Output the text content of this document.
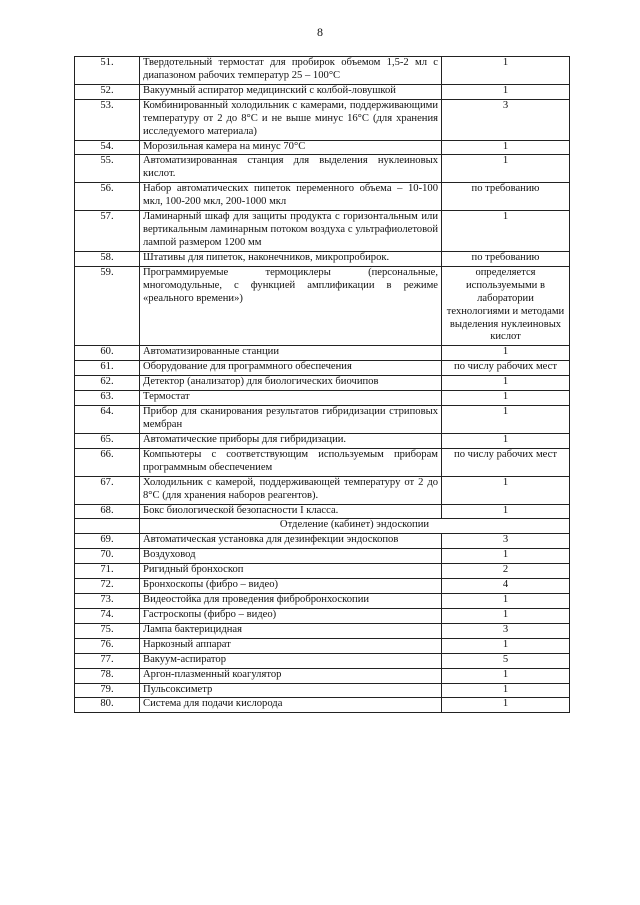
8
51.	Твердотельный термостат для пробирок объемом 1,5-2 мл с диапазоном рабочих температур 25 – 100°С	1
52.	Вакуумный аспиратор медицинский с колбой-ловушкой	1
53.	Комбинированный холодильник с камерами, поддерживающими температуру от 2 до 8°С и не выше минус 16°С (для хранения исследуемого материала)	3
54.	Морозильная камера на минус 70°С	1
55.	Автоматизированная станция для выделения нуклеиновых кислот.	1
56.	Набор автоматических пипеток переменного объема – 10-100 мкл, 100-200 мкл, 200-1000 мкл	по требованию
57.	Ламинарный шкаф для защиты продукта с горизонтальным или вертикальным ламинарным потоком воздуха с ультрафиолетовой лампой размером 1200 мм	1
58.	Штативы для пипеток, наконечников, микропробирок.	по требованию
59.	Программируемые термоциклеры (персональные, многомодульные, с функцией амплификации в режиме «реального времени»)	определяется используемыми в лаборатории технологиями и методами выделения нуклеиновых кислот
60.	Автоматизированные станции	1
61.	Оборудование для программного обеспечения	по числу рабочих мест
62.	Детектор (анализатор) для биологических биочипов	1
63.	Термостат	1
64.	Прибор для сканирования результатов гибридизации стриповых мембран	1
65.	Автоматические приборы для гибридизации.	1
66.	Компьютеры с соответствующим используемым приборам программным обеспечением	по числу рабочих мест
67.	Холодильник с камерой, поддерживающей температуру от 2 до 8°С (для хранения наборов реагентов).	1
68.	Бокс биологической безопасности I класса.	1
	Отделение (кабинет) эндоскопии	
69.	Автоматическая установка для дезинфекции эндоскопов	3
70.	Воздуховод	1
71.	Ригидный бронхоскоп	2
72.	Бронхоскопы (фибро – видео)	4
73.	Видеостойка для проведения фибробронхоскопии	1
74.	Гастроскопы (фибро – видео)	1
75.	Лампа бактерицидная	3
76.	Наркозный аппарат	1
77.	Вакуум-аспиратор	5
78.	Аргон-плазменный коагулятор	1
79.	Пульсоксиметр	1
80.	Система для подачи кислорода	1
